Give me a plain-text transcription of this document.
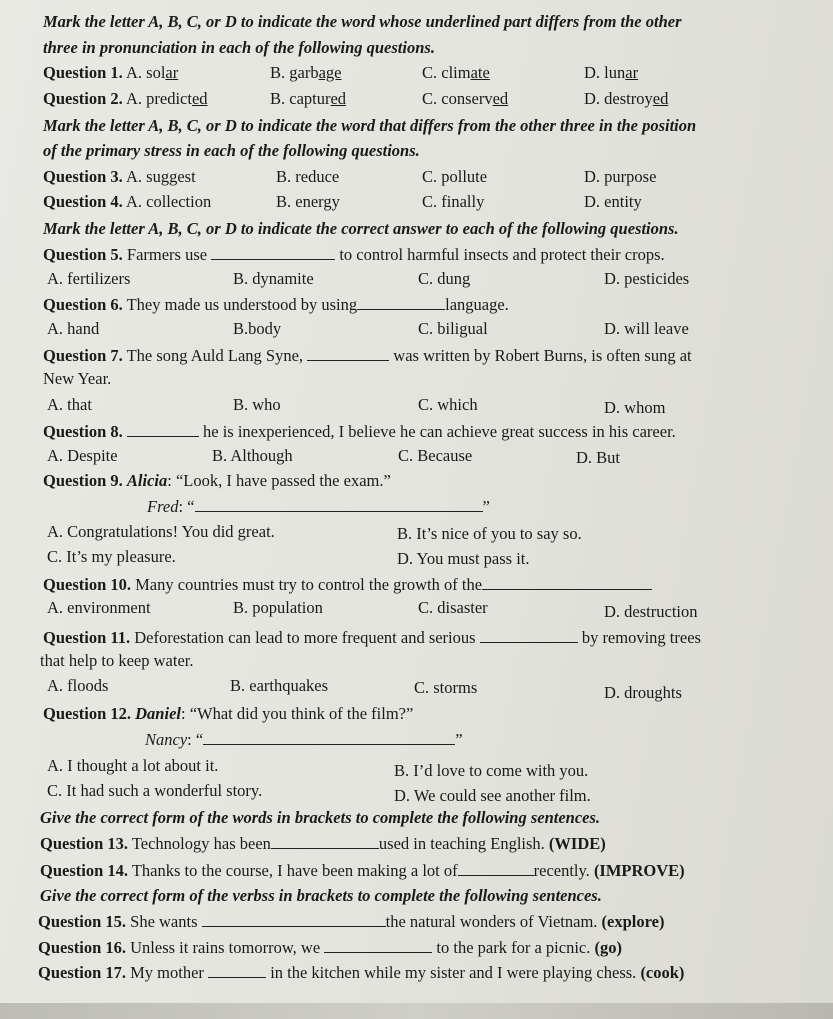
Mark the letter A, B, C, or D to indicate the word whose underlined part differs from the other
three in pronunciation in each of the following questions.
Question 1. A. solar	B. garbage	C. climate	D. lunar
Question 2. A. predicted	B. captured	C. conserved	D. destroyed
Mark the letter A, B, C, or D to indicate the word that differs from the other three in the position
of the primary stress in each of the following questions.
Question 3. A. suggest	B. reduce	C. pollute	D. purpose
Question 4. A. collection	B. energy	C. finally	D. entity
Mark the letter A, B, C, or D to indicate the correct answer to each of the following questions.
Question 5. Farmers use	to control harmful insects and protect their crops.
A. fertilizers	B. dynamite	C. dung	D. pesticides
Question 6. They made us understood by using	language.
A. hand	B.body	C. biligual	D. will leave
Question 7. The song Auld Lang Syne,	was written by Robert Burns, is often sung at
New Year.
A. that	B. who	C. which	D. whom
Question 8.	he is inexperienced, I believe he can achieve great success in his career.
A. Despite	B. Although	C. Because	D. But
Question 9. Alicia: “Look, I have passed the exam.”
Fred: “	”
A. Congratulations! You did great.	B. It’s nice of you to say so.
C. It’s my pleasure.	D. You must pass it.
Question 10. Many countries must try to control the growth of the
A. environment	B. population	C. disaster	D. destruction
Question 11. Deforestation can lead to more frequent and serious	by removing trees
that help to keep water.
A. floods	B. earthquakes	C. storms	D. droughts
Question 12. Daniel: “What did you think of the film?”
Nancy: “	”
A. I thought a lot about it.	B. I’d love to come with you.
C. It had such a wonderful story.	D. We could see another film.
Give the correct form of the words in brackets to complete the following sentences.
Question 13. Technology has been	used in teaching English. (WIDE)
Question 14. Thanks to the course, I have been making a lot of	recently. (IMPROVE)
Give the correct form of the verbss in brackets to complete the following sentences.
Question 15. She wants	the natural wonders of Vietnam. (explore)
Question 16. Unless it rains tomorrow, we	to the park for a picnic. (go)
Question 17. My mother	in the kitchen while my sister and I were playing chess. (cook)
